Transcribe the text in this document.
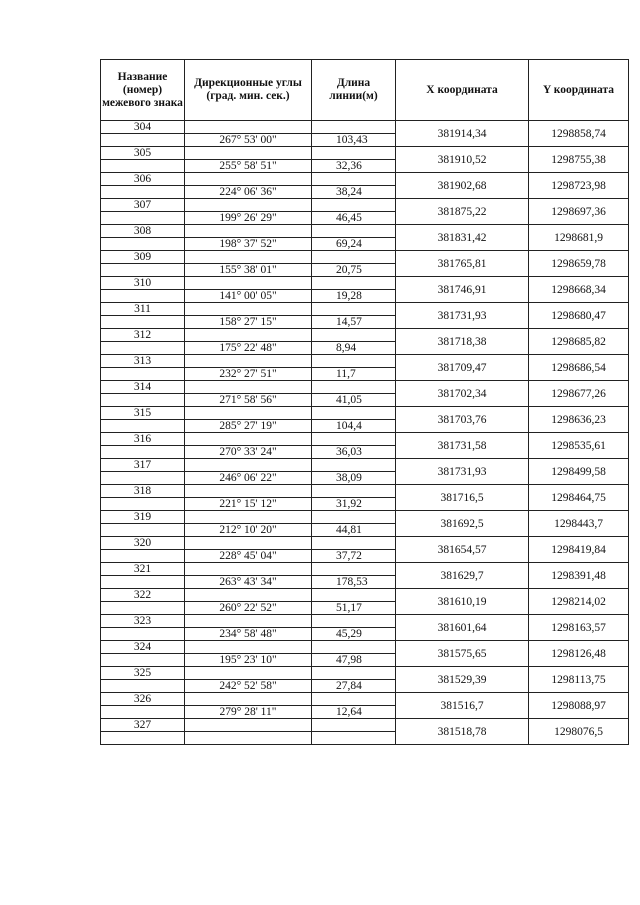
Название (номер) межевого знака	Дирекционные углы (град. мин. сек.)	Длина линии(м)	X координата	Y координата
304			381914,34	1298858,74
	267° 53' 00"	103,43		
305			381910,52	1298755,38
	255° 58' 51"	32,36		
306			381902,68	1298723,98
	224° 06' 36"	38,24		
307			381875,22	1298697,36
	199° 26' 29"	46,45		
308			381831,42	1298681,9
	198° 37' 52"	69,24		
309			381765,81	1298659,78
	155° 38' 01"	20,75		
310			381746,91	1298668,34
	141° 00' 05"	19,28		
311			381731,93	1298680,47
	158° 27' 15"	14,57		
312			381718,38	1298685,82
	175° 22' 48"	8,94		
313			381709,47	1298686,54
	232° 27' 51"	11,7		
314			381702,34	1298677,26
	271° 58' 56"	41,05		
315			381703,76	1298636,23
	285° 27' 19"	104,4		
316			381731,58	1298535,61
	270° 33' 24"	36,03		
317			381731,93	1298499,58
	246° 06' 22"	38,09		
318			381716,5	1298464,75
	221° 15' 12"	31,92		
319			381692,5	1298443,7
	212° 10' 20"	44,81		
320			381654,57	1298419,84
	228° 45' 04"	37,72		
321			381629,7	1298391,48
	263° 43' 34"	178,53		
322			381610,19	1298214,02
	260° 22' 52"	51,17		
323			381601,64	1298163,57
	234° 58' 48"	45,29		
324			381575,65	1298126,48
	195° 23' 10"	47,98		
325			381529,39	1298113,75
	242° 52' 58"	27,84		
326			381516,7	1298088,97
	279° 28' 11"	12,64		
327			381518,78	1298076,5
